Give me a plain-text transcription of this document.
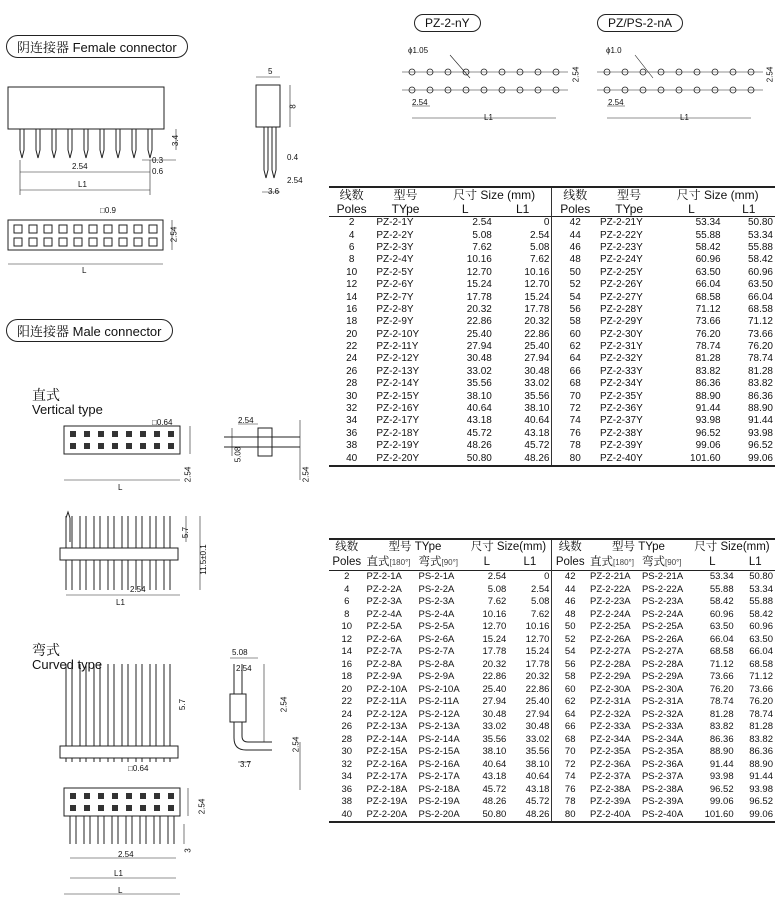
阴连接器 Female connector
阳连接器 Male connector
PZ-2-nY	PZ/PS-2-nA
直式
Vertical type
弯式
Curved type
5
8
3.4
2.54
0.3
0.6
L1
0.4
2.54
3.6
□0.9
2.54
L
ϕ1.05
2.54
2.54
L1
ϕ1.0
2.54
2.54
L1
□0.64
2.54
2.54
5.08
2.54
L
5.7
11.5±0.1
2.54
L1
5.08
2.54
5.7	2.54
2.54
3.7
□0.64
2.54
3
2.54
L1
L
线数	型号	尺寸 Size (mm)		线数	型号	尺寸 Size (mm)	
Poles	TYpe	L	L1	Poles	TYpe	L	L1
2	PZ-2-1Y	2.54	0	42	PZ-2-21Y	53.34	50.80
4	PZ-2-2Y	5.08	2.54	44	PZ-2-22Y	55.88	53.34
6	PZ-2-3Y	7.62	5.08	46	PZ-2-23Y	58.42	55.88
8	PZ-2-4Y	10.16	7.62	48	PZ-2-24Y	60.96	58.42
10	PZ-2-5Y	12.70	10.16	50	PZ-2-25Y	63.50	60.96
12	PZ-2-6Y	15.24	12.70	52	PZ-2-26Y	66.04	63.50
14	PZ-2-7Y	17.78	15.24	54	PZ-2-27Y	68.58	66.04
16	PZ-2-8Y	20.32	17.78	56	PZ-2-28Y	71.12	68.58
18	PZ-2-9Y	22.86	20.32	58	PZ-2-29Y	73.66	71.12
20	PZ-2-10Y	25.40	22.86	60	PZ-2-30Y	76.20	73.66
22	PZ-2-11Y	27.94	25.40	62	PZ-2-31Y	78.74	76.20
24	PZ-2-12Y	30.48	27.94	64	PZ-2-32Y	81.28	78.74
26	PZ-2-13Y	33.02	30.48	66	PZ-2-33Y	83.82	81.28
28	PZ-2-14Y	35.56	33.02	68	PZ-2-34Y	86.36	83.82
30	PZ-2-15Y	38.10	35.56	70	PZ-2-35Y	88.90	86.36
32	PZ-2-16Y	40.64	38.10	72	PZ-2-36Y	91.44	88.90
34	PZ-2-17Y	43.18	40.64	74	PZ-2-37Y	93.98	91.44
36	PZ-2-18Y	45.72	43.18	76	PZ-2-38Y	96.52	93.98
38	PZ-2-19Y	48.26	45.72	78	PZ-2-39Y	99.06	96.52
40	PZ-2-20Y	50.80	48.26	80	PZ-2-40Y	101.60	99.06
线数	型号 TYpe		尺寸 Size(mm)		线数	型号 TYpe		尺寸 Size(mm)	
Poles	直式[180°]	弯式[90°]	L	L1	Poles	直式[180°]	弯式[90°]	L	L1
2	PZ-2-1A	PS-2-1A	2.54	0	42	PZ-2-21A	PS-2-21A	53.34	50.80
4	PZ-2-2A	PS-2-2A	5.08	2.54	44	PZ-2-22A	PS-2-22A	55.88	53.34
6	PZ-2-3A	PS-2-3A	7.62	5.08	46	PZ-2-23A	PS-2-23A	58.42	55.88
8	PZ-2-4A	PS-2-4A	10.16	7.62	48	PZ-2-24A	PS-2-24A	60.96	58.42
10	PZ-2-5A	PS-2-5A	12.70	10.16	50	PZ-2-25A	PS-2-25A	63.50	60.96
12	PZ-2-6A	PS-2-6A	15.24	12.70	52	PZ-2-26A	PS-2-26A	66.04	63.50
14	PZ-2-7A	PS-2-7A	17.78	15.24	54	PZ-2-27A	PS-2-27A	68.58	66.04
16	PZ-2-8A	PS-2-8A	20.32	17.78	56	PZ-2-28A	PS-2-28A	71.12	68.58
18	PZ-2-9A	PS-2-9A	22.86	20.32	58	PZ-2-29A	PS-2-29A	73.66	71.12
20	PZ-2-10A	PS-2-10A	25.40	22.86	60	PZ-2-30A	PS-2-30A	76.20	73.66
22	PZ-2-11A	PS-2-11A	27.94	25.40	62	PZ-2-31A	PS-2-31A	78.74	76.20
24	PZ-2-12A	PS-2-12A	30.48	27.94	64	PZ-2-32A	PS-2-32A	81.28	78.74
26	PZ-2-13A	PS-2-13A	33.02	30.48	66	PZ-2-33A	PS-2-33A	83.82	81.28
28	PZ-2-14A	PS-2-14A	35.56	33.02	68	PZ-2-34A	PS-2-34A	86.36	83.82
30	PZ-2-15A	PS-2-15A	38.10	35.56	70	PZ-2-35A	PS-2-35A	88.90	86.36
32	PZ-2-16A	PS-2-16A	40.64	38.10	72	PZ-2-36A	PS-2-36A	91.44	88.90
34	PZ-2-17A	PS-2-17A	43.18	40.64	74	PZ-2-37A	PS-2-37A	93.98	91.44
36	PZ-2-18A	PS-2-18A	45.72	43.18	76	PZ-2-38A	PS-2-38A	96.52	93.98
38	PZ-2-19A	PS-2-19A	48.26	45.72	78	PZ-2-39A	PS-2-39A	99.06	96.52
40	PZ-2-20A	PS-2-20A	50.80	48.26	80	PZ-2-40A	PS-2-40A	101.60	99.06
